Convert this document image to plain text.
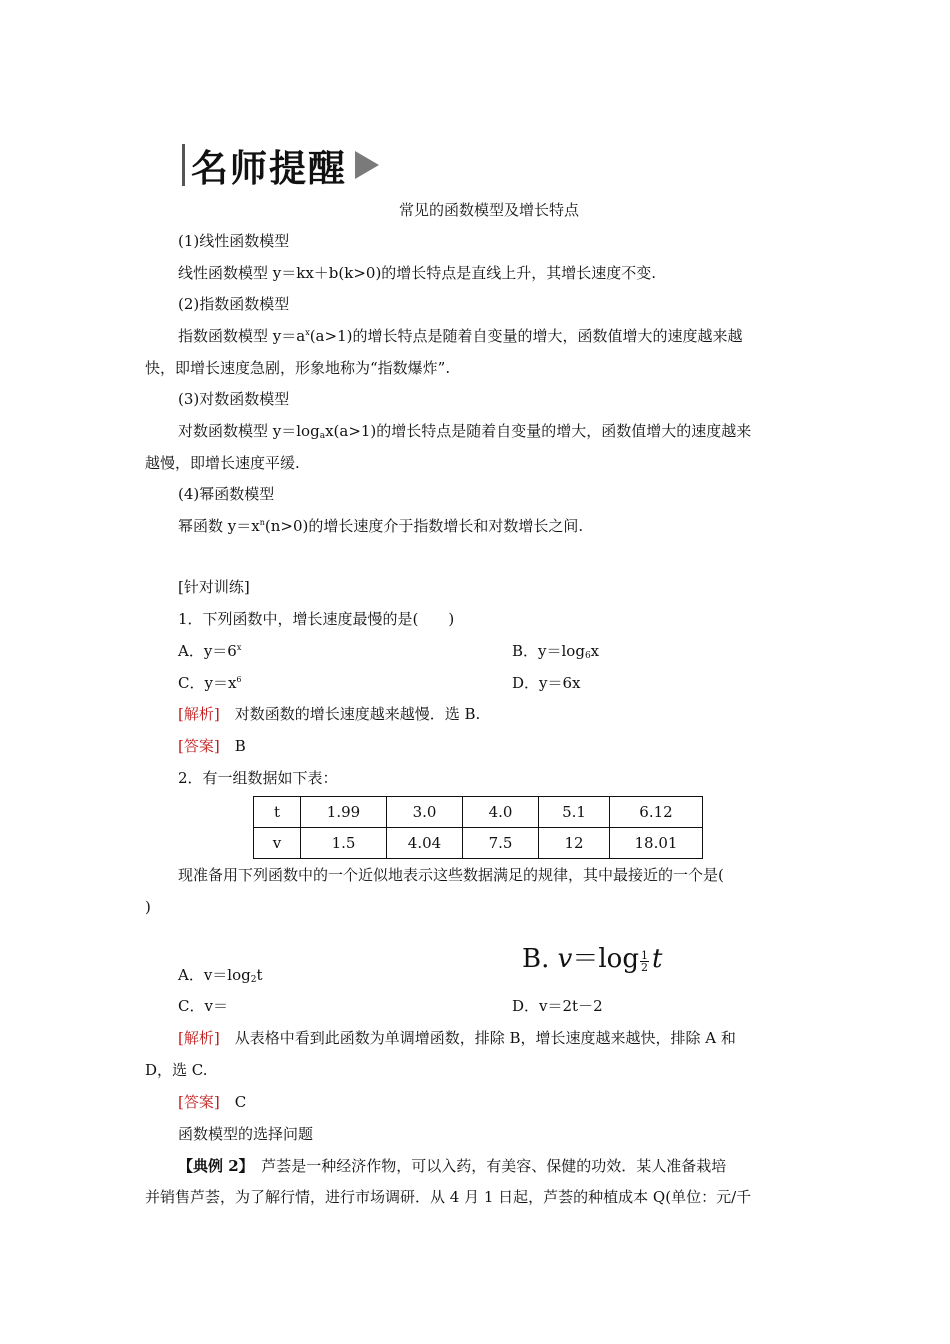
名师提醒
常见的函数模型及增长特点
(1)线性函数模型
线性函数模型 y＝kx＋b(k>0)的增长特点是直线上升，其增长速度不变.
(2)指数函数模型
指数函数模型 $y=a^x(a>1)$的增长特点是随着自变量的增大，函数值增大的速度越来越
快，即增长速度急剧，形象地称为“指数爆炸”.
(3)对数函数模型
对数函数模型 $y=\log_ax(a>1)$的增长特点是随着自变量的增大，函数值增大的速度越来
越慢，即增长速度平缓.
(4)幂函数模型
幂函数 $y=x^n(n>0)$的增长速度介于指数增长和对数增长之间.
[针对训练]
1．下列函数中，增长速度最慢的是(　　)
A．$y=6^x$	B．$y=\log_6x$
C．$y=x^6$	D．y＝6x
[解析]　 对数函数的增长速度越来越慢．选 B.
[答案]　 B
2．有一组数据如下表：
t	1.99	3.0	4.0	5.1	6.12
v	1.5	4.04	7.5	12	18.01
现准备用下列函数中的一个近似地表示这些数据满足的规律，其中最接近的一个是(
)
B. $v=\log \frac{1}{2}$ t
A．$v=\log_2t$
C．v＝	D．v＝2t－2
[解析]　 从表格中看到此函数为单调增函数，排除 B，增长速度越来越快，排除 A 和
D，选 C.
[答案]　 C
函数模型的选择问题
【典例 2】　 芦荟是一种经济作物，可以入药，有美容、保健的功效．某人准备栽培
并销售芦荟，为了解行情，进行市场调研．从 4 月 1 日起，芦荟的种植成本 Q(单位：元/千
